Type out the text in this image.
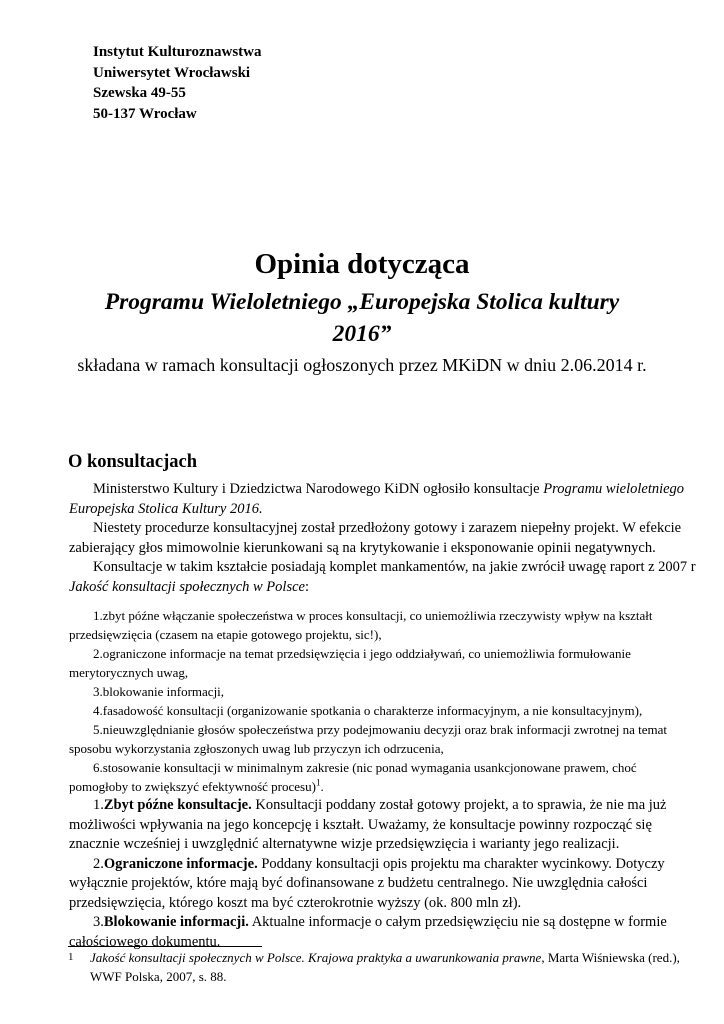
Instytut Kulturoznawstwa
Uniwersytet Wrocławski
Szewska 49-55
50-137 Wrocław
Opinia dotycząca
Programu Wieloletniego „Europejska Stolica kultury
2016”
składana w ramach konsultacji ogłoszonych przez MKiDN w dniu 2.06.2014 r.
O konsultacjach
Ministerstwo Kultury i Dziedzictwa Narodowego KiDN ogłosiło konsultacje Programu wieloletniego
Europejska Stolica Kultury 2016.
Niestety procedurze konsultacyjnej został przedłożony gotowy i zarazem niepełny projekt. W efekcie
zabierający głos mimowolnie kierunkowani są na krytykowanie i eksponowanie opinii negatywnych.
Konsultacje w takim kształcie posiadają komplet mankamentów, na jakie zwrócił uwagę raport z 2007 r
Jakość konsultacji społecznych w Polsce:
1.zbyt późne włączanie społeczeństwa w proces konsultacji, co uniemożliwia rzeczywisty wpływ na kształt
przedsięwzięcia (czasem na etapie gotowego projektu, sic!),
2.ograniczone informacje na temat przedsięwzięcia i jego oddziaływań, co uniemożliwia formułowanie
merytorycznych uwag,
3.blokowanie informacji,
4.fasadowość konsultacji (organizowanie spotkania o charakterze informacyjnym, a nie konsultacyjnym),
5.nieuwzględnianie głosów społeczeństwa przy podejmowaniu decyzji oraz brak informacji zwrotnej na temat
sposobu wykorzystania zgłoszonych uwag lub przyczyn ich odrzucenia,
6.stosowanie konsultacji w minimalnym zakresie (nic ponad wymagania usankcjonowane prawem, choć
pomogłoby to zwiększyć efektywność procesu)$^1$.
1.Zbyt późne konsultacje. Konsultacji poddany został gotowy projekt, a to sprawia, że nie ma już
możliwości wpływania na jego koncepcję i kształt. Uważamy, że konsultacje powinny rozpocząć się
znacznie wcześniej i uwzględnić alternatywne wizje przedsięwzięcia i warianty jego realizacji.
2.Ograniczone informacje. Poddany konsultacji opis projektu ma charakter wycinkowy. Dotyczy
wyłącznie projektów, które mają być dofinansowane z budżetu centralnego. Nie uwzględnia całości
przedsięwzięcia, którego koszt ma być czterokrotnie wyższy (ok. 800 mln zł).
3.Blokowanie informacji. Aktualne informacje o całym przedsięwzięciu nie są dostępne w formie
całościowego dokumentu.
1 Jakość konsultacji społecznych w Polsce. Krajowa praktyka a uwarunkowania prawne, Marta Wiśniewska (red.),
WWF Polska, 2007, s. 88.
